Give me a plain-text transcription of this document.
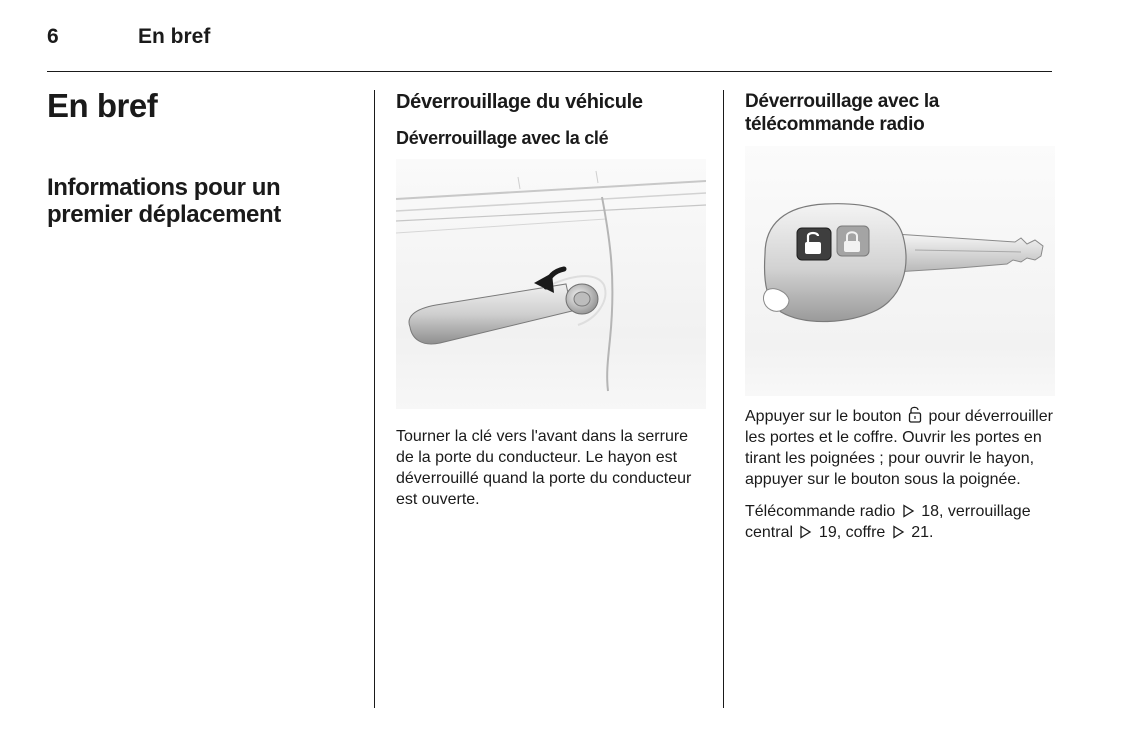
6	En bref
En bref
Informations pour un
premier déplacement
Déverrouillage du véhicule
Déverrouillage avec la clé

Tourner la clé vers l'avant dans la serrure de la porte du conducteur. Le hayon est déverrouillé quand la porte du conducteur est ouverte.

Déverrouillage avec la
télécommande radio

Appuyer sur le bouton  pour déverrouiller les portes et le coffre. Ouvrir les portes en tirant les poignées ; pour ouvrir le hayon, appuyer sur le bouton sous la poignée.

Télécommande radio  18, verrouillage central  19, coffre  21.
